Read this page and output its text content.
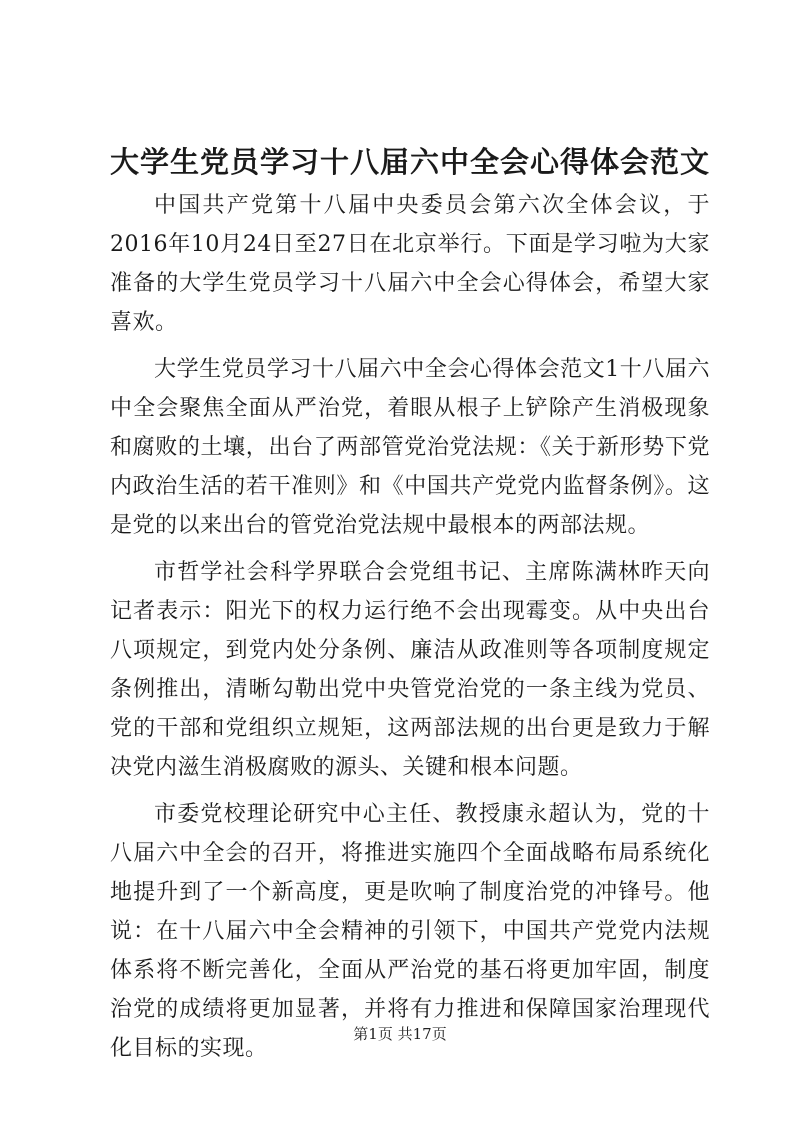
大学生党员学习十八届六中全会心得体会范文

中国共产党第十八届中央委员会第六次全体会议，于2016年10月24日至27日在北京举行。下面是学习啦为大家准备的大学生党员学习十八届六中全会心得体会，希望大家喜欢。

大学生党员学习十八届六中全会心得体会范文1十八届六中全会聚焦全面从严治党，着眼从根子上铲除产生消极现象和腐败的土壤，出台了两部管党治党法规：《关于新形势下党内政治生活的若干准则》和《中国共产党党内监督条例》。这是党的以来出台的管党治党法规中最根本的两部法规。

市哲学社会科学界联合会党组书记、主席陈满林昨天向记者表示：阳光下的权力运行绝不会出现霉变。从中央出台八项规定，到党内处分条例、廉洁从政准则等各项制度规定条例推出，清晰勾勒出党中央管党治党的一条主线为党员、党的干部和党组织立规矩，这两部法规的出台更是致力于解决党内滋生消极腐败的源头、关键和根本问题。

市委党校理论研究中心主任、教授康永超认为，党的十八届六中全会的召开，将推进实施四个全面战略布局系统化地提升到了一个新高度，更是吹响了制度治党的冲锋号。他说：在十八届六中全会精神的引领下，中国共产党党内法规体系将不断完善化，全面从严治党的基石将更加牢固，制度治党的成绩将更加显著，并将有力推进和保障国家治理现代化目标的实现。

第1页 共17页
